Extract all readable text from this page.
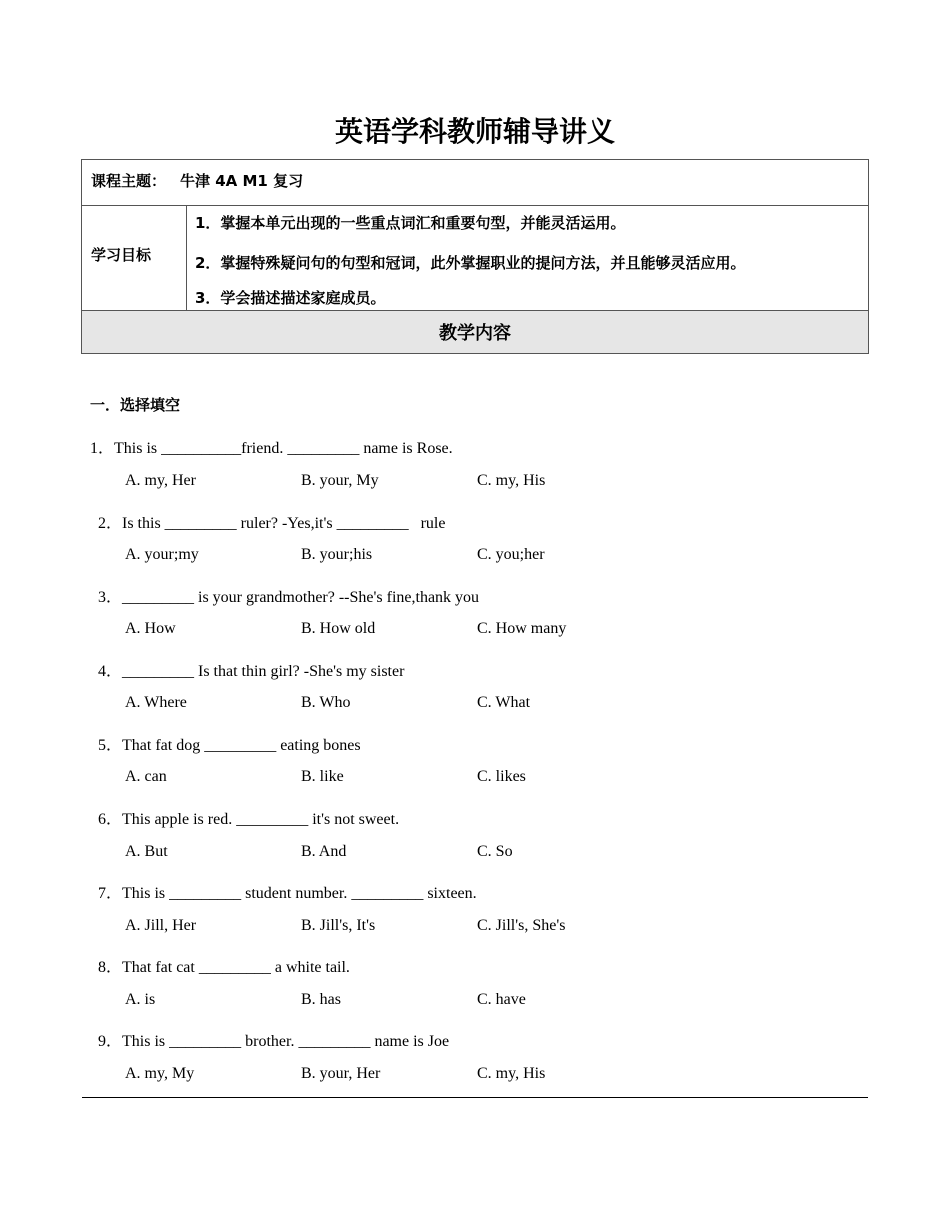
英语学科教师辅导讲义
课程主题： 牛津 4A M1 复习

学习目标

1．掌握本单元出现的一些重点词汇和重要句型，并能灵活运用。
2．掌握特殊疑问句的句型和冠词，此外掌握职业的提问方法，并且能够灵活应用。
3．学会描述描述家庭成员。

教学内容
一．选择填空
1．This is __________friend. _________ name is Rose.
A. my, Her	B. your, My	C. my, His
2．Is this _________ ruler? -Yes,it's _________   rule
A. your;my	B. your;his	C. you;her
3．_________ is your grandmother? --She's fine,thank you
A. How	B. How old	C. How many
4．_________ Is that thin girl? -She's my sister
A. Where	B. Who	C. What
5．That fat dog _________ eating bones
A. can	B. like	C. likes
6．This apple is red. _________ it's not sweet.
A. But	B. And	C. So
7．This is _________ student number. _________ sixteen.
A. Jill, Her	B. Jill's, It's	C. Jill's, She's
8．That fat cat _________ a white tail.
A. is	B. has	C. have
9．This is _________ brother. _________ name is Joe
A. my, My	B. your, Her	C. my, His
